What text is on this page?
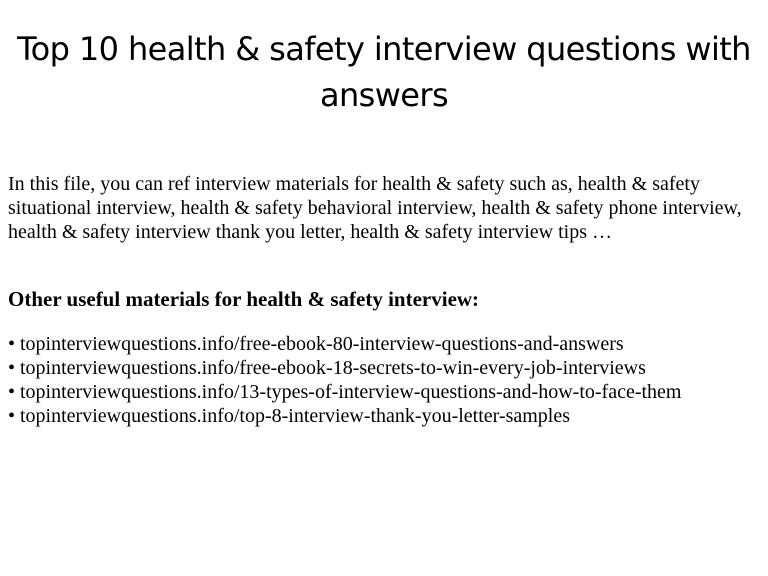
Top 10 health & safety interview questions with answers

In this file, you can ref interview materials for health & safety such as, health & safety situational interview, health & safety behavioral interview, health & safety phone interview, health & safety interview thank you letter, health & safety interview tips …

Other useful materials for health & safety interview:

• topinterviewquestions.info/free-ebook-80-interview-questions-and-answers
• topinterviewquestions.info/free-ebook-18-secrets-to-win-every-job-interviews
• topinterviewquestions.info/13-types-of-interview-questions-and-how-to-face-them
• topinterviewquestions.info/top-8-interview-thank-you-letter-samples
